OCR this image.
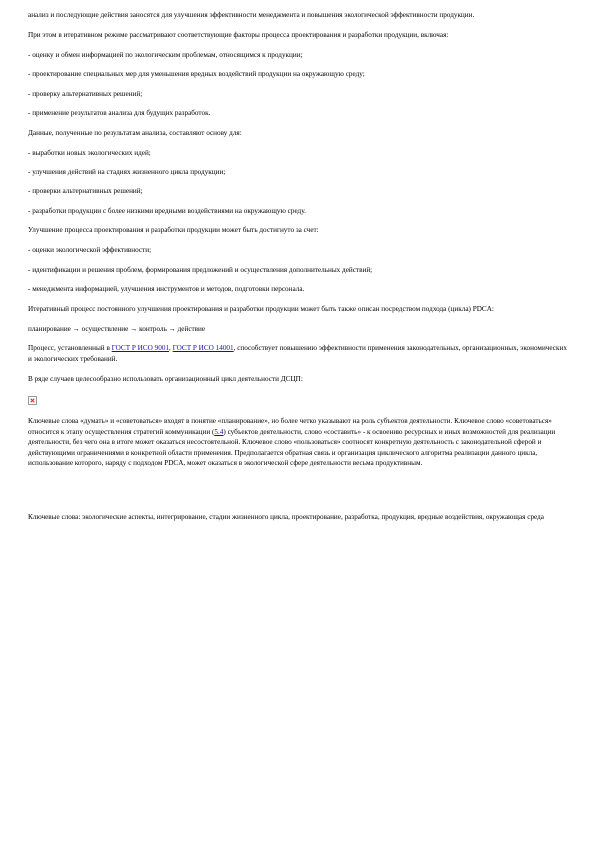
анализ и последующие действия заносятся для улучшения эффективности менеджмента и повышения экологической эффективности продукции.

При этом в итеративном режиме рассматривают соответствующие факторы процесса проектирования и разработки продукции, включая:

- оценку и обмен информацией по экологическим проблемам, относящимся к продукции;

- проектирование специальных мер для уменьшения вредных воздействий продукции на окружающую среду;

- проверку альтернативных решений;

- применение результатов анализа для будущих разработок.

Данные, полученные по результатам анализа, составляют основу для:

- выработки новых экологических идей;

- улучшения действий на стадиях жизненного цикла продукции;

- проверки альтернативных решений;

- разработки продукции с более низкими вредными воздействиями на окружающую среду.

Улучшение процесса проектирования и разработки продукции может быть достигнуто за счет:

- оценки экологической эффективности;

- идентификации и решения проблем, формирования предложений и осуществления дополнительных действий;

- менеджмента информацией, улучшения инструментов и методов, подготовки персонала.

Итеративный процесс постоянного улучшения проектирования и разработки продукции может быть также описан посредством подхода (цикла) PDCA:

планирование → осуществление → контроль → действие

Процесс, установленный в ГОСТ Р ИСО 9001, ГОСТ Р ИСО 14001, способствует повышению эффективности применения законодательных, организационных, экономических и экологических требований.

В ряде случаев целесообразно использовать организационный цикл деятельности ДСЦП:

Ключевые слова «думать» и «советоваться» входят в понятие «планирование», но более четко указывают на роль субъектов деятельности. Ключевое слово «советоваться» относится к этапу осуществления стратегий коммуникации (5.4) субъектов деятельности, слово «составить» - к освоению ресурсных и иных возможностей для реализации деятельности, без чего она в итоге может оказаться несостоятельной. Ключевое слово «пользоваться» соотносят конкретную деятельность с законодательной сферой и действующими ограничениями в конкретной области применения. Предполагается обратная связь и организация циклического алгоритма реализации данного цикла, использование которого, наряду с подходом PDCA, может оказаться в экологической сфере деятельности весьма продуктивным.

Ключевые слова: экологические аспекты, интегрирование, стадии жизненного цикла, проектирование, разработка, продукция, вредные воздействия, окружающая среда
